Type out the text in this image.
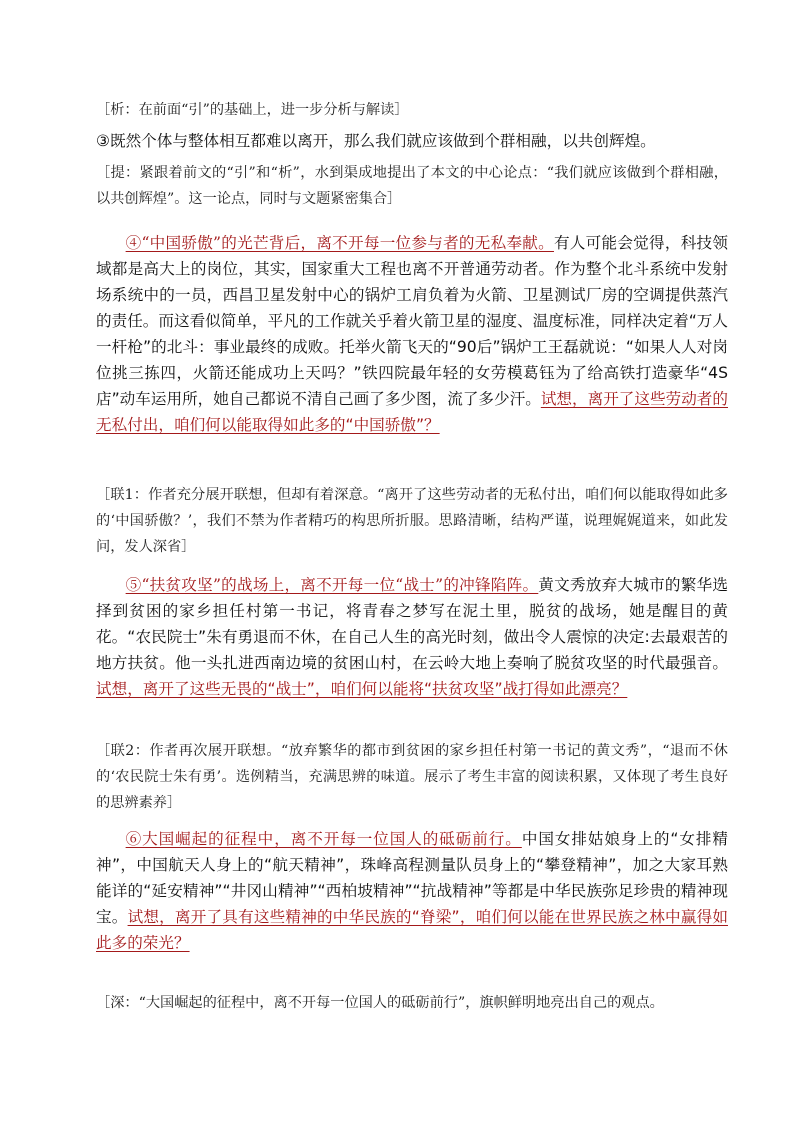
［析：在前面“引”的基础上，进一步分析与解读］

③既然个体与整体相互都难以离开，那么我们就应该做到个群相融，以共创辉煌。

［提：紧跟着前文的“引”和“析”，水到渠成地提出了本文的中心论点：“我们就应该做到个群相融，以共创辉煌”。这一论点，同时与文题紧密集合］

④“中国骄傲”的光芒背后，离不开每一位参与者的无私奉献。有人可能会觉得，科技领域都是高大上的岗位，其实，国家重大工程也离不开普通劳动者。作为整个北斗系统中发射场系统中的一员，西昌卫星发射中心的锅炉工肩负着为火箭、卫星测试厂房的空调提供蒸汽的责任。而这看似简单，平凡的工作就关乎着火箭卫星的湿度、温度标准，同样决定着“万人一杆枪”的北斗：事业最终的成败。托举火箭飞天的“90后”锅炉工王磊就说：“如果人人对岗位挑三拣四，火箭还能成功上天吗？”铁四院最年轻的女劳模葛钰为了给高铁打造豪华“4S店”动车运用所，她自己都说不清自己画了多少图，流了多少汗。试想，离开了这些劳动者的无私付出，咱们何以能取得如此多的“中国骄傲”？

［联1：作者充分展开联想，但却有着深意。“离开了这些劳动者的无私付出，咱们何以能取得如此多的‘中国骄傲？’，我们不禁为作者精巧的构思所折服。思路清晰，结构严谨，说理娓娓道来，如此发问，发人深省］

⑤“扶贫攻坚”的战场上，离不开每一位“战士”的冲锋陷阵。黄文秀放弃大城市的繁华选择到贫困的家乡担任村第一书记，将青春之梦写在泥土里，脱贫的战场，她是醒目的黄花。“农民院士”朱有勇退而不休，在自己人生的高光时刻，做出令人震惊的决定:去最艰苦的地方扶贫。他一头扎进西南边境的贫困山村，在云岭大地上奏响了脱贫攻坚的时代最强音。试想，离开了这些无畏的“战士”，咱们何以能将“扶贫攻坚”战打得如此漂亮？

［联2：作者再次展开联想。“放弃繁华的都市到贫困的家乡担任村第一书记的黄文秀”，“退而不休的‘农民院士朱有勇’。选例精当，充满思辨的味道。展示了考生丰富的阅读积累，又体现了考生良好的思辨素养］

⑥大国崛起的征程中，离不开每一位国人的砥砺前行。中国女排姑娘身上的“女排精神”，中国航天人身上的“航天精神”，珠峰高程测量队员身上的“攀登精神”，加之大家耳熟能详的“延安精神”“井冈山精神”“西柏坡精神”“抗战精神”等都是中华民族弥足珍贵的精神现宝。试想，离开了具有这些精神的中华民族的“脊梁”，咱们何以能在世界民族之林中赢得如此多的荣光？

［深：“大国崛起的征程中，离不开每一位国人的砥砺前行”，旗帜鲜明地亮出自己的观点。
